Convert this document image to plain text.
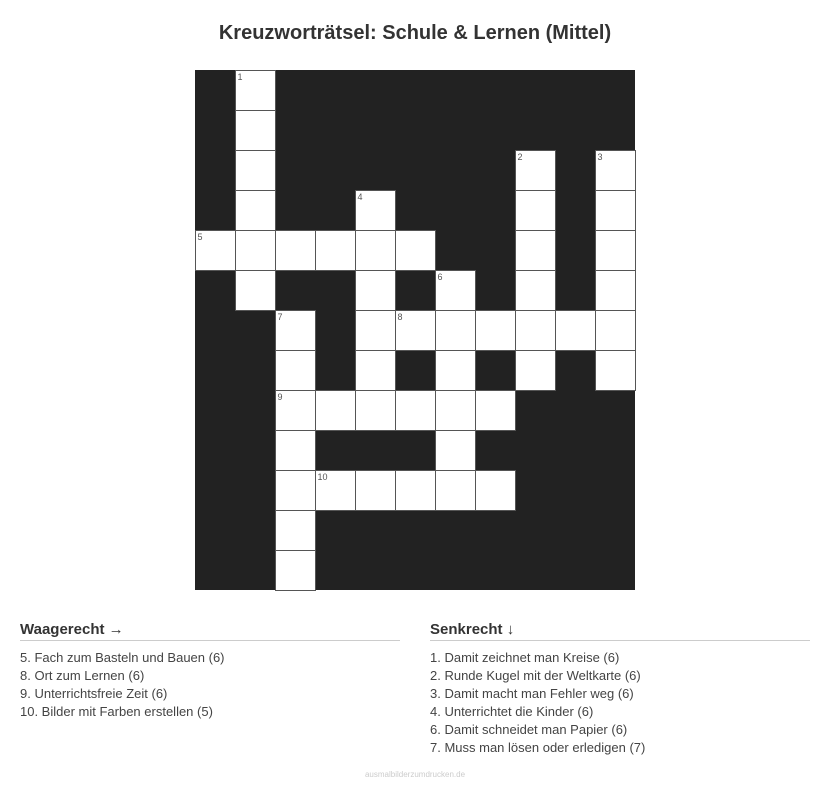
Kreuzworträtsel: Schule & Lernen (Mittel)
1
2	3
4
5
6
7
9
8
10
Waagerecht →
5. Fach zum Basteln und Bauen (6)
8. Ort zum Lernen (6)
9. Unterrichtsfreie Zeit (6)
10. Bilder mit Farben erstellen (5)
Senkrecht ↓
1. Damit zeichnet man Kreise (6)
2. Runde Kugel mit der Weltkarte (6)
3. Damit macht man Fehler weg (6)
4. Unterrichtet die Kinder (6)
6. Damit schneidet man Papier (6)
7. Muss man lösen oder erledigen (7)
ausmalbilderzumdrucken.de
